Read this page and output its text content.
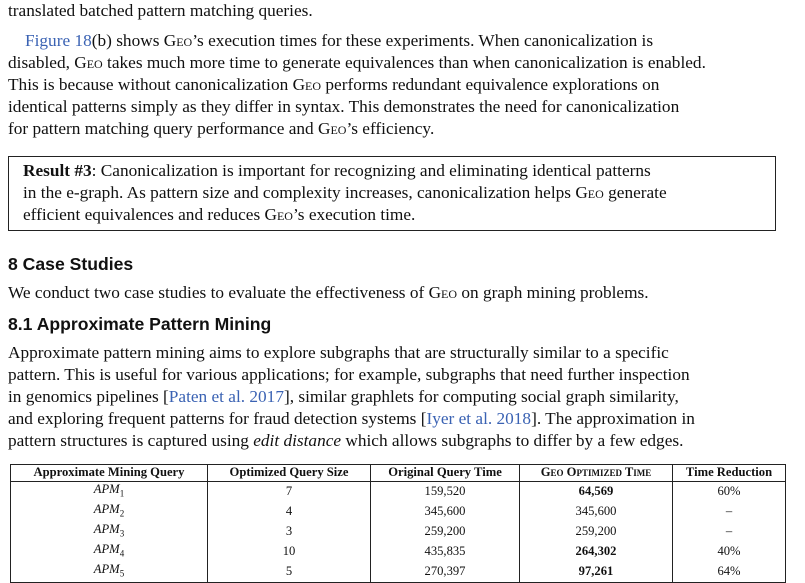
translated batched pattern matching queries.
Figure 18(b) shows Geo’s execution times for these experiments. When canonicalization is
disabled, Geo takes much more time to generate equivalences than when canonicalization is enabled.
This is because without canonicalization Geo performs redundant equivalence explorations on
identical patterns simply as they differ in syntax. This demonstrates the need for canonicalization
for pattern matching query performance and Geo’s efficiency.
Result #3: Canonicalization is important for recognizing and eliminating identical patterns
in the e-graph. As pattern size and complexity increases, canonicalization helps Geo generate
efficient equivalences and reduces Geo’s execution time.
8 Case Studies
We conduct two case studies to evaluate the effectiveness of Geo on graph mining problems.
8.1 Approximate Pattern Mining
Approximate pattern mining aims to explore subgraphs that are structurally similar to a specific
pattern. This is useful for various applications; for example, subgraphs that need further inspection
in genomics pipelines [Paten et al. 2017], similar graphlets for computing social graph similarity,
and exploring frequent patterns for fraud detection systems [Iyer et al. 2018]. The approximation in
pattern structures is captured using edit distance which allows subgraphs to differ by a few edges.
Approximate Mining Query	Optimized Query Size	Original Query Time	Geo Optimized Time	Time Reduction
$APM_1$	7	159,520	64,569	60%
$APM_2$	4	345,600	345,600	–
$APM_3$	3	259,200	259,200	–
$APM_4$	10	435,835	264,302	40%
$APM_5$	5	270,397	97,261	64%
